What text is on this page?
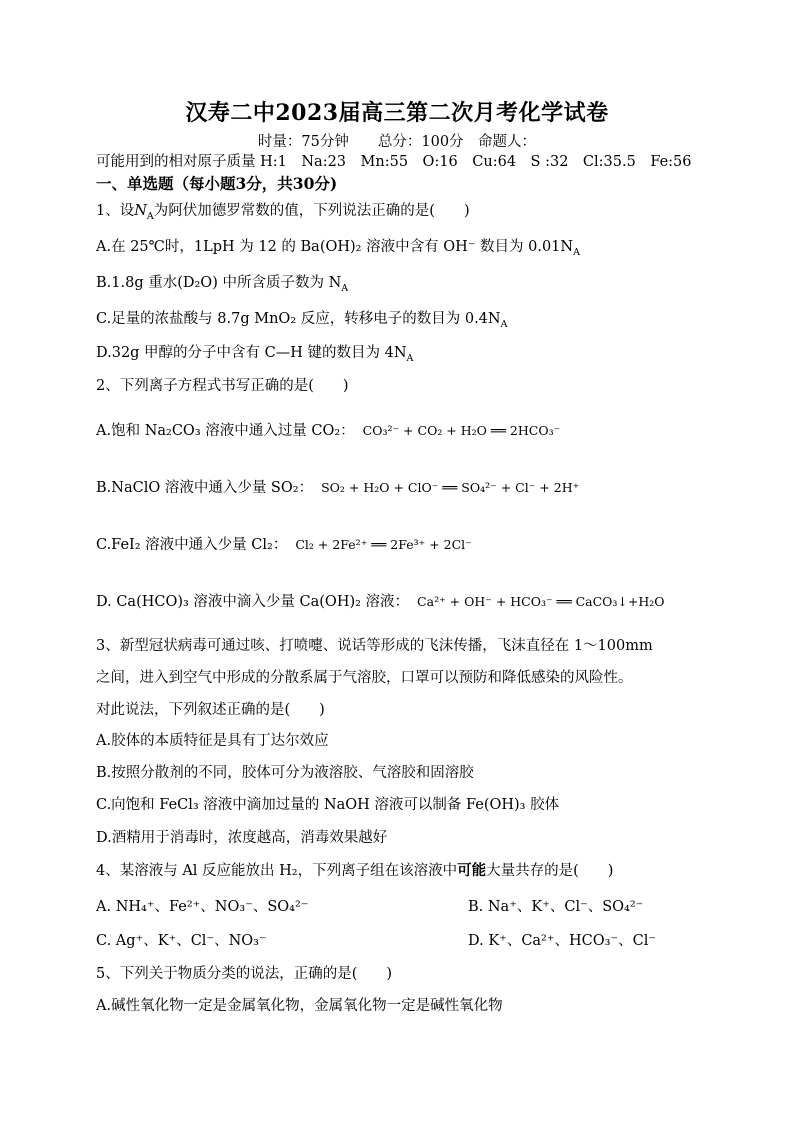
汉寿二中2023届高三第二次月考化学试卷
时量：75分钟　　总分：100分　命题人：
可能用到的相对原子质量 H:1　Na:23　Mn:55　O:16　Cu:64　S :32　Cl:35.5　Fe:56
一、单选题（每小题3分，共30分)
1、设$N_A$为阿伏加德罗常数的值，下列说法正确的是(　　)
A.在 25℃时，1LpH 为 12 的 Ba(OH)₂ 溶液中含有 OH⁻ 数目为 $0.01N_A$
B.1.8g 重水(D₂O) 中所含质子数为 $N_A$
C.足量的浓盐酸与 8.7g MnO₂ 反应，转移电子的数目为 $0.4N_A$
D.32g 甲醇的分子中含有 C—H 键的数目为 $4N_A$
2、下列离子方程式书写正确的是(　　)
A.饱和 Na₂CO₃ 溶液中通入过量 CO₂： CO₃²⁻ + CO₂ + H₂O ══ 2HCO₃⁻
B.NaClO 溶液中通入少量 SO₂： SO₂ + H₂O + ClO⁻ ══ SO₄²⁻ + Cl⁻ + 2H⁺
C.FeI₂ 溶液中通入少量 Cl₂： Cl₂ + 2Fe²⁺ ══ 2Fe³⁺ + 2Cl⁻
D. Ca(HCO)₃ 溶液中滴入少量 Ca(OH)₂ 溶液： Ca²⁺ + OH⁻ + HCO₃⁻ ══ CaCO₃↓+H₂O
3、新型冠状病毒可通过咳、打喷嚏、说话等形成的飞沫传播，飞沫直径在 1～100mm
之间，进入到空气中形成的分散系属于气溶胶，口罩可以预防和降低感染的风险性。
对此说法，下列叙述正确的是(　　)
A.胶体的本质特征是具有丁达尔效应
B.按照分散剂的不同，胶体可分为液溶胶、气溶胶和固溶胶
C.向饱和 FeCl₃ 溶液中滴加过量的 NaOH 溶液可以制备 Fe(OH)₃ 胶体
D.酒精用于消毒时，浓度越高，消毒效果越好
4、某溶液与 Al 反应能放出 H₂，下列离子组在该溶液中可能大量共存的是(　　)
A. NH₄⁺、Fe²⁺、NO₃⁻、SO₄²⁻	B. Na⁺、K⁺、Cl⁻、SO₄²⁻
C. Ag⁺、K⁺、Cl⁻、NO₃⁻	D. K⁺、Ca²⁺、HCO₃⁻、Cl⁻
5、下列关于物质分类的说法，正确的是(　　)
A.碱性氧化物一定是金属氧化物，金属氧化物一定是碱性氧化物
